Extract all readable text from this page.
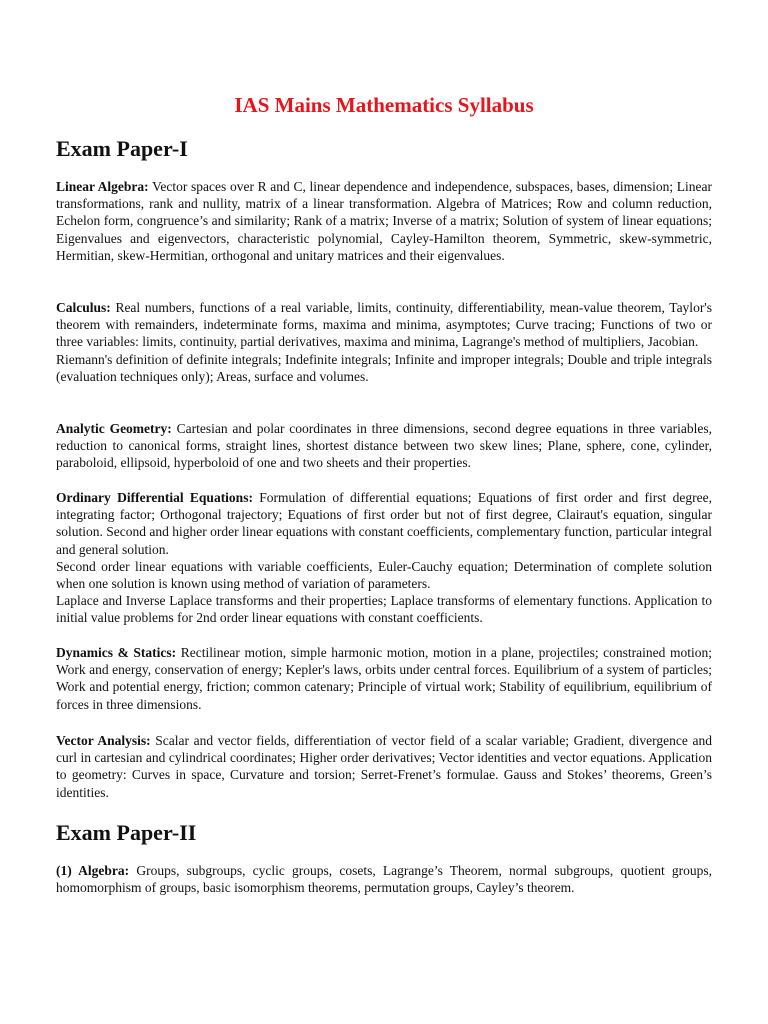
IAS Mains Mathematics Syllabus
Exam Paper-I

Linear Algebra: Vector spaces over R and C, linear dependence and independence, subspaces, bases, dimension; Linear transformations, rank and nullity, matrix of a linear transformation. Algebra of Matrices; Row and column reduction, Echelon form, congruence’s and similarity; Rank of a matrix; Inverse of a matrix; Solution of system of linear equations; Eigenvalues and eigenvectors, characteristic polynomial, Cayley-Hamilton theorem, Symmetric, skew-symmetric, Hermitian, skew-Hermitian, orthogonal and unitary matrices and their eigenvalues.

Calculus: Real numbers, functions of a real variable, limits, continuity, differentiability, mean-value theorem, Taylor's theorem with remainders, indeterminate forms, maxima and minima, asymptotes; Curve tracing; Functions of two or three variables: limits, continuity, partial derivatives, maxima and minima, Lagrange's method of multipliers, Jacobian.
Riemann's definition of definite integrals; Indefinite integrals; Infinite and improper integrals; Double and triple integrals (evaluation techniques only); Areas, surface and volumes.

Analytic Geometry: Cartesian and polar coordinates in three dimensions, second degree equations in three variables, reduction to canonical forms, straight lines, shortest distance between two skew lines; Plane, sphere, cone, cylinder, paraboloid, ellipsoid, hyperboloid of one and two sheets and their properties.

Ordinary Differential Equations: Formulation of differential equations; Equations of first order and first degree, integrating factor; Orthogonal trajectory; Equations of first order but not of first degree, Clairaut's equation, singular solution. Second and higher order linear equations with constant coefficients, complementary function, particular integral and general solution.
Second order linear equations with variable coefficients, Euler-Cauchy equation; Determination of complete solution when one solution is known using method of variation of parameters.
Laplace and Inverse Laplace transforms and their properties; Laplace transforms of elementary functions. Application to initial value problems for 2nd order linear equations with constant coefficients.

Dynamics & Statics: Rectilinear motion, simple harmonic motion, motion in a plane, projectiles; constrained motion; Work and energy, conservation of energy; Kepler's laws, orbits under central forces. Equilibrium of a system of particles; Work and potential energy, friction; common catenary; Principle of virtual work; Stability of equilibrium, equilibrium of forces in three dimensions.

Vector Analysis: Scalar and vector fields, differentiation of vector field of a scalar variable; Gradient, divergence and curl in cartesian and cylindrical coordinates; Higher order derivatives; Vector identities and vector equations. Application to geometry: Curves in space, Curvature and torsion; Serret-Frenet’s formulae. Gauss and Stokes’ theorems, Green’s identities.

Exam Paper-II

(1) Algebra: Groups, subgroups, cyclic groups, cosets, Lagrange’s Theorem, normal subgroups, quotient groups, homomorphism of groups, basic isomorphism theorems, permutation groups, Cayley’s theorem.
